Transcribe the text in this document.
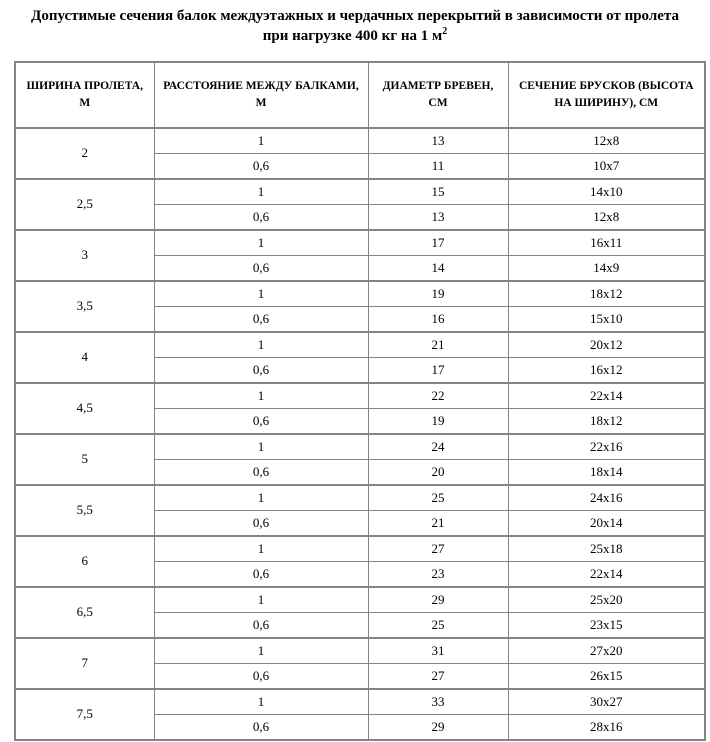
Допустимые сечения балок междуэтажных и чердачных перекрытий в зависимости от пролета при нагрузке 400 кг на 1 $м^2$
ШИРИНА ПРОЛЕТА, М	РАССТОЯНИЕ МЕЖДУ БАЛКАМИ, М	ДИАМЕТР БРЕВЕН, СМ	СЕЧЕНИЕ БРУСКОВ (ВЫСОТА НА ШИРИНУ), СМ
2	1	13	12x8
	0,6	11	10x7
2,5	1	15	14x10
	0,6	13	12x8
3	1	17	16x11
	0,6	14	14x9
3,5	1	19	18x12
	0,6	16	15x10
4	1	21	20x12
	0,6	17	16x12
4,5	1	22	22x14
	0,6	19	18x12
5	1	24	22x16
	0,6	20	18x14
5,5	1	25	24x16
	0,6	21	20x14
6	1	27	25x18
	0,6	23	22x14
6,5	1	29	25x20
	0,6	25	23x15
7	1	31	27x20
	0,6	27	26x15
7,5	1	33	30x27
	0,6	29	28x16
